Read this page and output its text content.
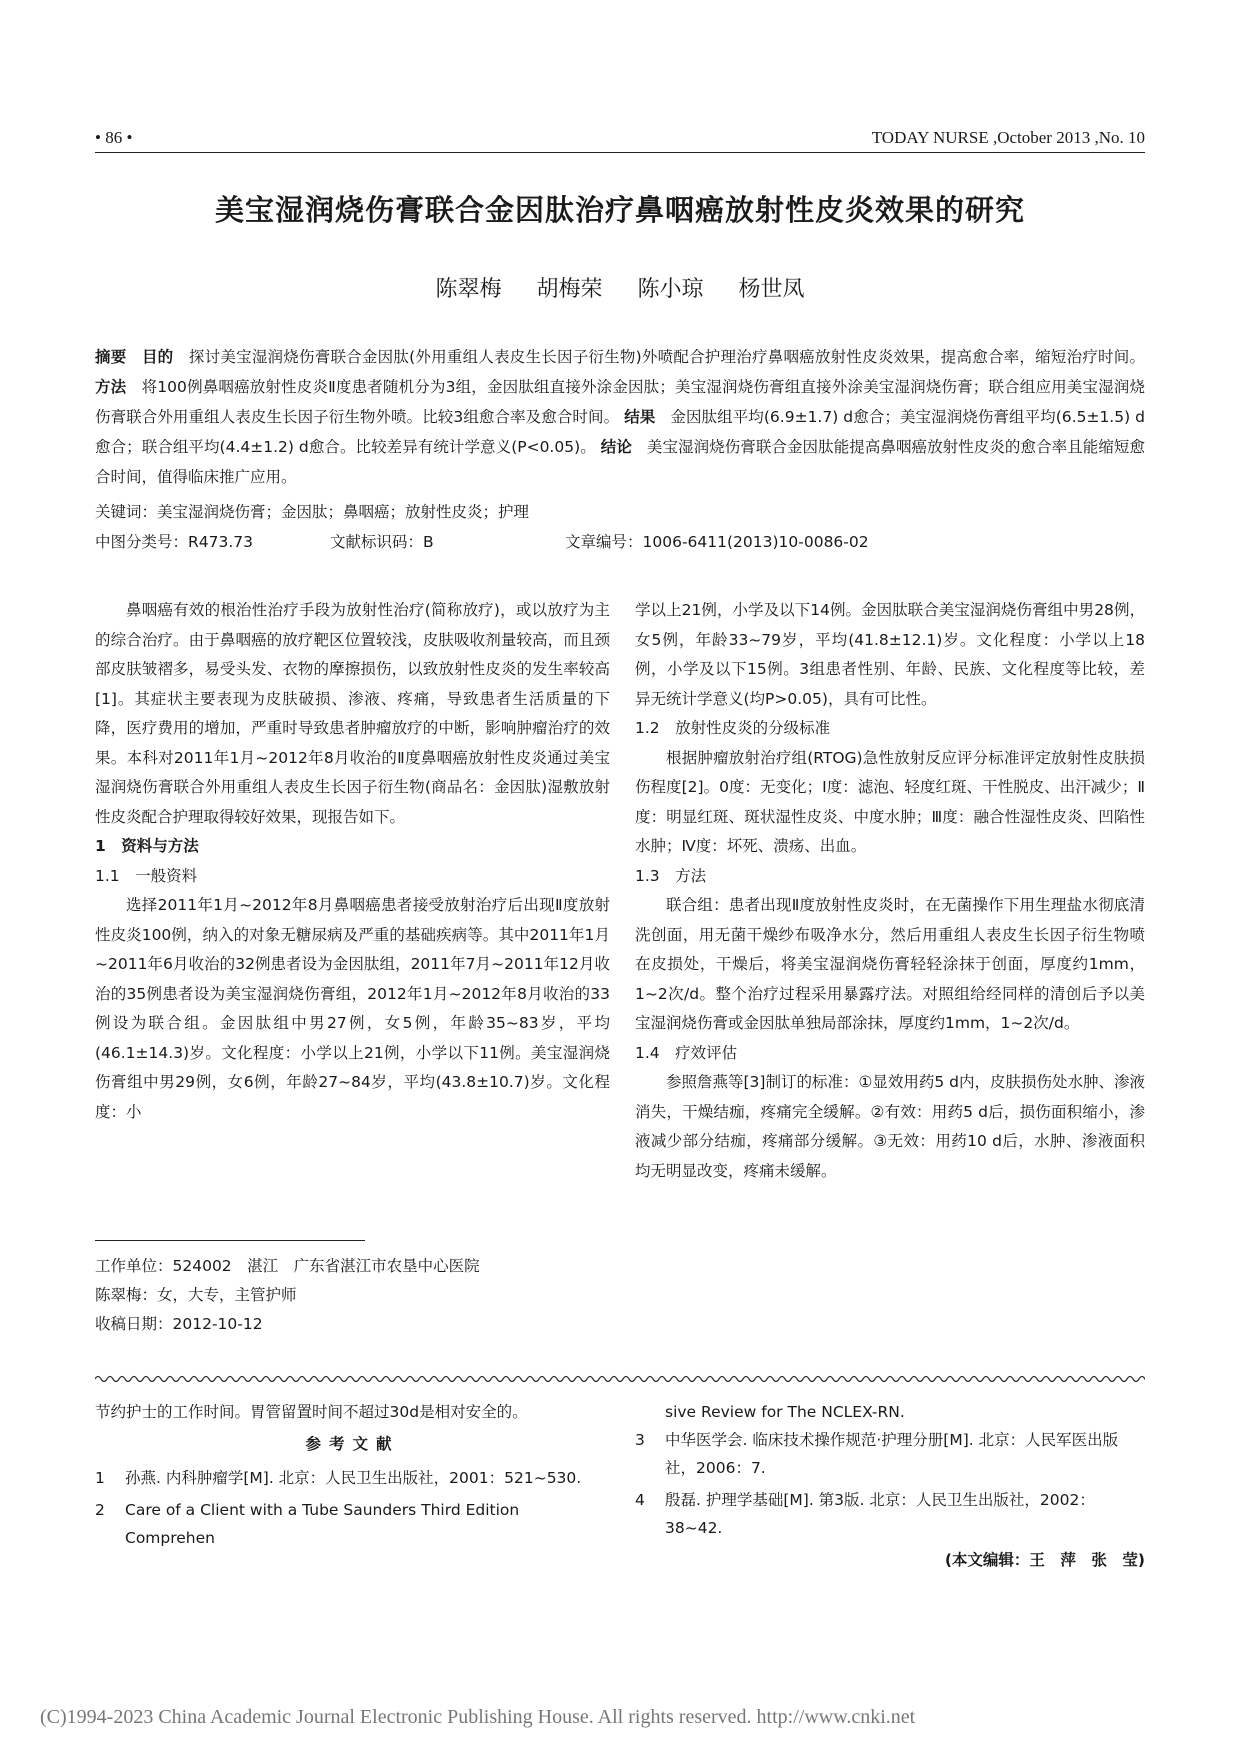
• 86 •	TODAY NURSE ,October 2013 ,No. 10
美宝湿润烧伤膏联合金因肽治疗鼻咽癌放射性皮炎效果的研究
陈翠梅 胡梅荣 陈小琼 杨世凤
摘要 目的 探讨美宝湿润烧伤膏联合金因肽(外用重组人表皮生长因子衍生物)外喷配合护理治疗鼻咽癌放射性皮炎效果，提高愈合率，缩短治疗时间。 方法 将100例鼻咽癌放射性皮炎Ⅱ度患者随机分为3组，金因肽组直接外涂金因肽；美宝湿润烧伤膏组直接外涂美宝湿润烧伤膏；联合组应用美宝湿润烧伤膏联合外用重组人表皮生长因子衍生物外喷。比较3组愈合率及愈合时间。 结果 金因肽组平均(6.9±1.7) d愈合；美宝湿润烧伤膏组平均(6.5±1.5) d愈合；联合组平均(4.4±1.2) d愈合。比较差异有统计学意义(P<0.05)。 结论 美宝湿润烧伤膏联合金因肽能提高鼻咽癌放射性皮炎的愈合率且能缩短愈合时间，值得临床推广应用。
关键词：美宝湿润烧伤膏；金因肽；鼻咽癌；放射性皮炎；护理
中图分类号：R473.73	文献标识码：B	文章编号：1006-6411(2013)10-0086-02

鼻咽癌有效的根治性治疗手段为放射性治疗(简称放疗)，或以放疗为主的综合治疗。由于鼻咽癌的放疗靶区位置较浅，皮肤吸收剂量较高，而且颈部皮肤皱褶多，易受头发、衣物的摩擦损伤，以致放射性皮炎的发生率较高[1]。其症状主要表现为皮肤破损、渗液、疼痛，导致患者生活质量的下降，医疗费用的增加，严重时导致患者肿瘤放疗的中断，影响肿瘤治疗的效果。本科对2011年1月~2012年8月收治的Ⅱ度鼻咽癌放射性皮炎通过美宝湿润烧伤膏联合外用重组人表皮生长因子衍生物(商品名：金因肽)湿敷放射性皮炎配合护理取得较好效果，现报告如下。

1　资料与方法

1.1　一般资料

选择2011年1月~2012年8月鼻咽癌患者接受放射治疗后出现Ⅱ度放射性皮炎100例，纳入的对象无糖尿病及严重的基础疾病等。其中2011年1月~2011年6月收治的32例患者设为金因肽组，2011年7月~2011年12月收治的35例患者设为美宝湿润烧伤膏组，2012年1月~2012年8月收治的33例设为联合组。金因肽组中男27例，女5例，年龄35~83岁，平均(46.1±14.3)岁。文化程度：小学以上21例，小学以下11例。美宝湿润烧伤膏组中男29例，女6例，年龄27~84岁，平均(43.8±10.7)岁。文化程度：小

学以上21例，小学及以下14例。金因肽联合美宝湿润烧伤膏组中男28例，女5例，年龄33~79岁，平均(41.8±12.1)岁。文化程度：小学以上18例，小学及以下15例。3组患者性别、年龄、民族、文化程度等比较，差异无统计学意义(均P>0.05)，具有可比性。

1.2　放射性皮炎的分级标准

根据肿瘤放射治疗组(RTOG)急性放射反应评分标准评定放射性皮肤损伤程度[2]。0度：无变化；Ⅰ度：滤泡、轻度红斑、干性脱皮、出汗减少；Ⅱ度：明显红斑、斑状湿性皮炎、中度水肿；Ⅲ度：融合性湿性皮炎、凹陷性水肿；Ⅳ度：坏死、溃疡、出血。

1.3　方法

联合组：患者出现Ⅱ度放射性皮炎时，在无菌操作下用生理盐水彻底清洗创面，用无菌干燥纱布吸净水分，然后用重组人表皮生长因子衍生物喷在皮损处，干燥后，将美宝湿润烧伤膏轻轻涂抹于创面，厚度约1mm，1~2次/d。整个治疗过程采用暴露疗法。对照组给经同样的清创后予以美宝湿润烧伤膏或金因肽单独局部涂抹，厚度约1mm，1~2次/d。

1.4　疗效评估

参照詹燕等[3]制订的标准：①显效用药5 d内，皮肤损伤处水肿、渗液消失，干燥结痂，疼痛完全缓解。②有效：用药5 d后，损伤面积缩小，渗液减少部分结痂，疼痛部分缓解。③无效：用药10 d后，水肿、渗液面积均无明显改变，疼痛未缓解。

工作单位：524002　湛江　广东省湛江市农垦中心医院
陈翠梅：女，大专，主管护师
收稿日期：2012-10-12
节约护士的工作时间。胃管留置时间不超过30d是相对安全的。
参考文献
1	孙燕. 内科肿瘤学[M]. 北京：人民卫生出版社，2001：521~530.
2	Care of a Client with a Tube Saunders Third Edition Comprehen
sive Review for The NCLEX-RN.
3	中华医学会. 临床技术操作规范·护理分册[M]. 北京：人民军医出版社，2006：7.
4	殷磊. 护理学基础[M]. 第3版. 北京：人民卫生出版社，2002：38~42.
(本文编辑：王　萍　张　莹)
(C)1994-2023 China Academic Journal Electronic Publishing House. All rights reserved. http://www.cnki.net
